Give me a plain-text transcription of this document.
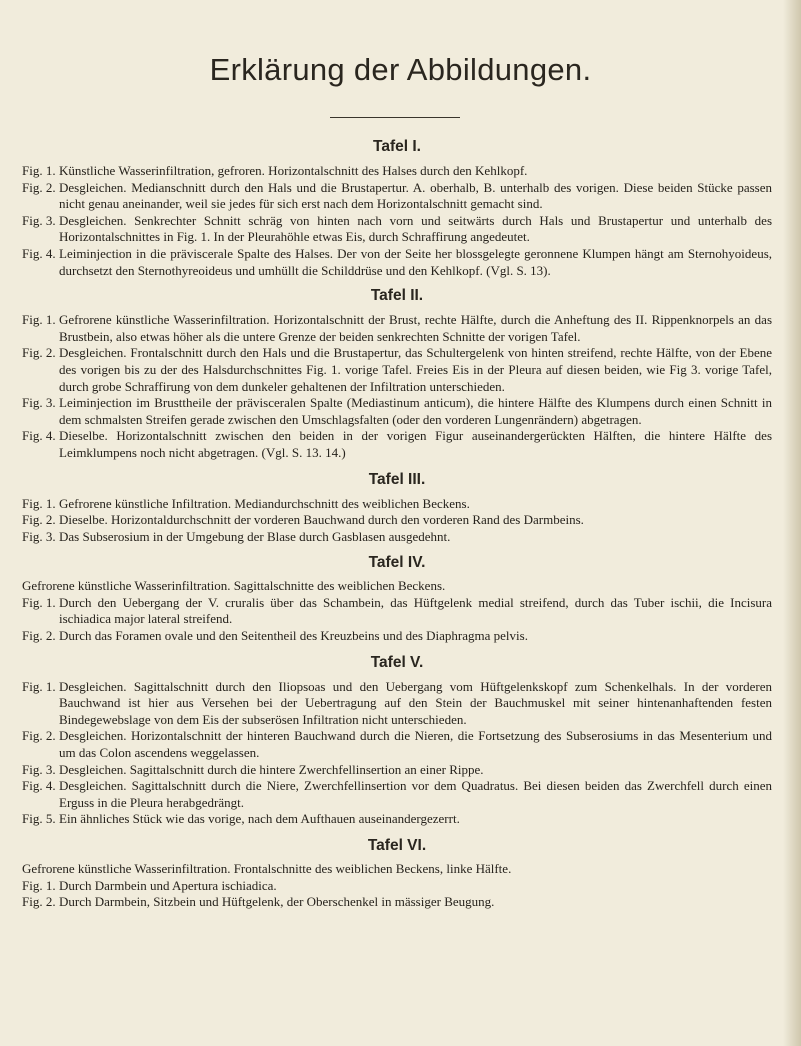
Erklärung der Abbildungen.
Tafel I.
Fig. 1. Künstliche Wasserinfiltration, gefroren. Horizontalschnitt des Halses durch den Kehlkopf.
Fig. 2. Desgleichen. Medianschnitt durch den Hals und die Brustapertur. A. oberhalb, B. unterhalb des vorigen. Diese beiden Stücke passen nicht genau aneinander, weil sie jedes für sich erst nach dem Horizontalschnitt gemacht sind.
Fig. 3. Desgleichen. Senkrechter Schnitt schräg von hinten nach vorn und seitwärts durch Hals und Brustapertur und unterhalb des Horizontalschnittes in Fig. 1. In der Pleurahöhle etwas Eis, durch Schraffirung angedeutet.
Fig. 4. Leiminjection in die präviscerale Spalte des Halses. Der von der Seite her blossgelegte geronnene Klumpen hängt am Sternohyoideus, durchsetzt den Sternothyreoideus und umhüllt die Schilddrüse und den Kehlkopf. (Vgl. S. 13).
Tafel II.
Fig. 1. Gefrorene künstliche Wasserinfiltration. Horizontalschnitt der Brust, rechte Hälfte, durch die Anheftung des II. Rippenknorpels an das Brustbein, also etwas höher als die untere Grenze der beiden senkrechten Schnitte der vorigen Tafel.
Fig. 2. Desgleichen. Frontalschnitt durch den Hals und die Brustapertur, das Schultergelenk von hinten streifend, rechte Hälfte, von der Ebene des vorigen bis zu der des Halsdurchschnittes Fig. 1. vorige Tafel. Freies Eis in der Pleura auf diesen beiden, wie Fig 3. vorige Tafel, durch grobe Schraffirung von dem dunkeler gehaltenen der Infiltration unterschieden.
Fig. 3. Leiminjection im Brusttheile der prävisceralen Spalte (Mediastinum anticum), die hintere Hälfte des Klumpens durch einen Schnitt in dem schmalsten Streifen gerade zwischen den Umschlagsfalten (oder den vorderen Lungenrändern) abgetragen.
Fig. 4. Dieselbe. Horizontalschnitt zwischen den beiden in der vorigen Figur auseinandergerückten Hälften, die hintere Hälfte des Leimklumpens noch nicht abgetragen. (Vgl. S. 13. 14.)
Tafel III.
Fig. 1. Gefrorene künstliche Infiltration. Mediandurchschnitt des weiblichen Beckens.
Fig. 2. Dieselbe. Horizontaldurchschnitt der vorderen Bauchwand durch den vorderen Rand des Darmbeins.
Fig. 3. Das Subserosium in der Umgebung der Blase durch Gasblasen ausgedehnt.
Tafel IV.

Gefrorene künstliche Wasserinfiltration. Sagittalschnitte des weiblichen Beckens.

Fig. 1. Durch den Uebergang der V. cruralis über das Schambein, das Hüftgelenk medial streifend, durch das Tuber ischii, die Incisura ischiadica major lateral streifend.
Fig. 2. Durch das Foramen ovale und den Seitentheil des Kreuzbeins und des Diaphragma pelvis.
Tafel V.
Fig. 1. Desgleichen. Sagittalschnitt durch den Iliopsoas und den Uebergang vom Hüftgelenkskopf zum Schenkelhals. In der vorderen Bauchwand ist hier aus Versehen bei der Uebertragung auf den Stein der Bauchmuskel mit seiner hintenanhaftenden festen Bindegewebslage von dem Eis der subserösen Infiltration nicht unterschieden.
Fig. 2. Desgleichen. Horizontalschnitt der hinteren Bauchwand durch die Nieren, die Fortsetzung des Subserosiums in das Mesenterium und um das Colon ascendens weggelassen.
Fig. 3. Desgleichen. Sagittalschnitt durch die hintere Zwerchfellinsertion an einer Rippe.
Fig. 4. Desgleichen. Sagittalschnitt durch die Niere, Zwerchfellinsertion vor dem Quadratus. Bei diesen beiden das Zwerchfell durch einen Erguss in die Pleura herabgedrängt.
Fig. 5. Ein ähnliches Stück wie das vorige, nach dem Aufthauen auseinandergezerrt.
Tafel VI.

Gefrorene künstliche Wasserinfiltration. Frontalschnitte des weiblichen Beckens, linke Hälfte.

Fig. 1. Durch Darmbein und Apertura ischiadica.
Fig. 2. Durch Darmbein, Sitzbein und Hüftgelenk, der Oberschenkel in mässiger Beugung.
